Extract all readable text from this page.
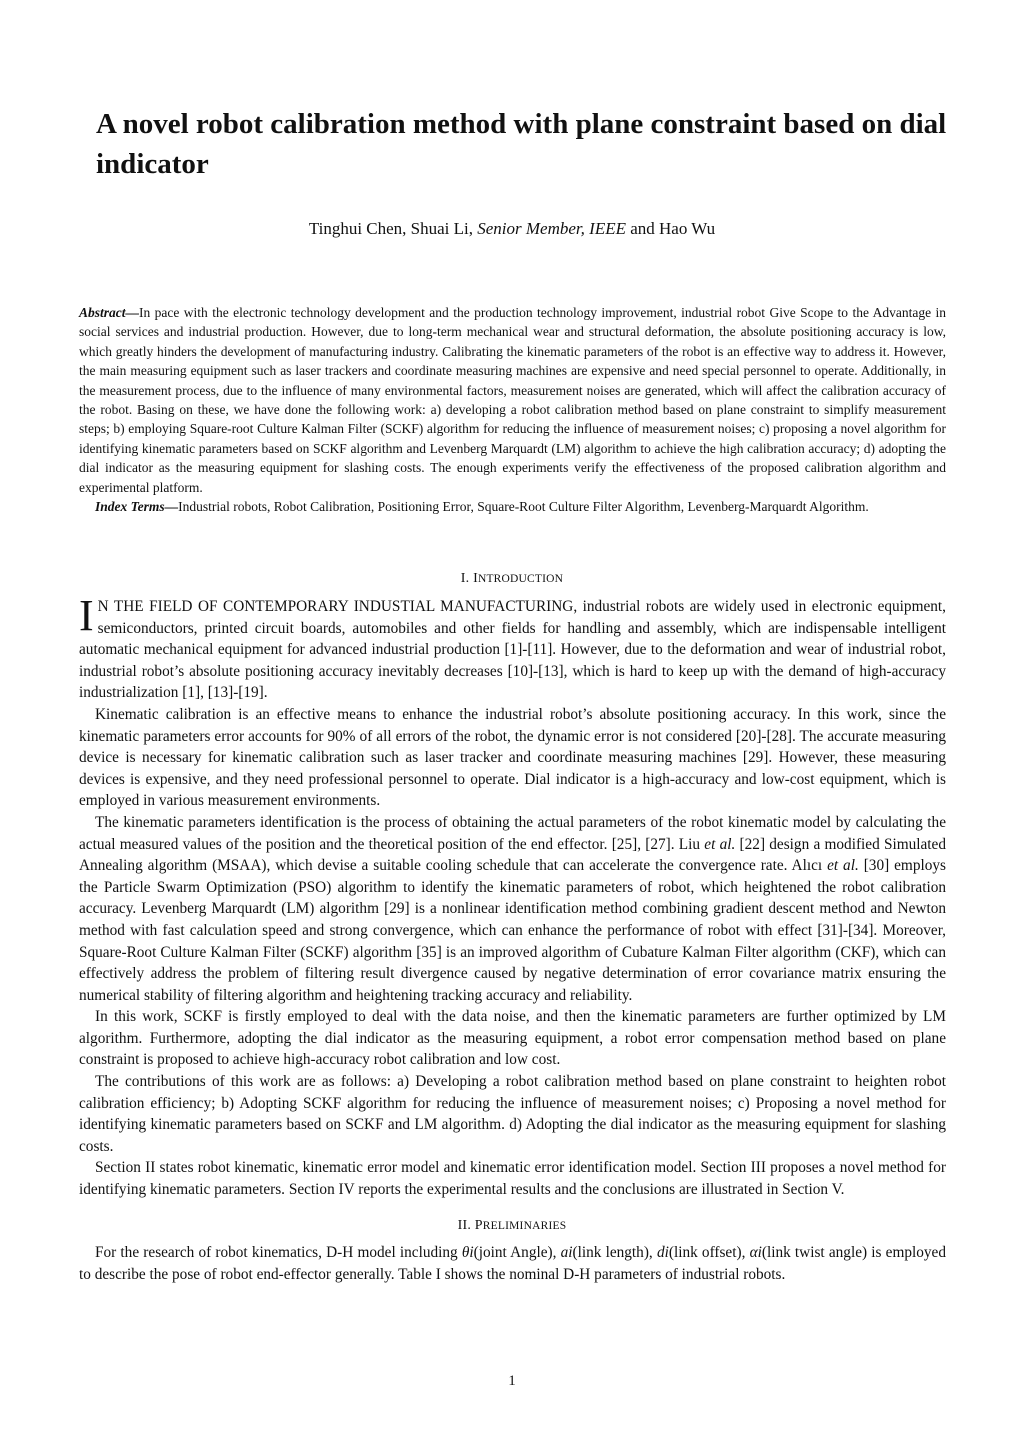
A novel robot calibration method with plane constraint based on dial indicator
Tinghui Chen, Shuai Li, Senior Member, IEEE and Hao Wu

Abstract—In pace with the electronic technology development and the production technology improvement, industrial robot Give Scope to the Advantage in social services and industrial production. However, due to long-term mechanical wear and structural deformation, the absolute positioning accuracy is low, which greatly hinders the development of manufacturing industry. Calibrating the kinematic parameters of the robot is an effective way to address it. However, the main measuring equipment such as laser trackers and coordinate measuring machines are expensive and need special personnel to operate. Additionally, in the measurement process, due to the influence of many environmental factors, measurement noises are generated, which will affect the calibration accuracy of the robot. Basing on these, we have done the following work: a) developing a robot calibration method based on plane constraint to simplify measurement steps; b) employing Square-root Culture Kalman Filter (SCKF) algorithm for reducing the influence of measurement noises; c) proposing a novel algorithm for identifying kinematic parameters based on SCKF algorithm and Levenberg Marquardt (LM) algorithm to achieve the high calibration accuracy; d) adopting the dial indicator as the measuring equipment for slashing costs. The enough experiments verify the effectiveness of the proposed calibration algorithm and experimental platform.

Index Terms—Industrial robots, Robot Calibration, Positioning Error, Square-Root Culture Filter Algorithm, Levenberg-Marquardt Algorithm.

I. INTRODUCTION

I N THE FIELD OF CONTEMPORARY INDUSTIAL MANUFACTURING, industrial robots are widely used in electronic equipment, semiconductors, printed circuit boards, automobiles and other fields for handling and assembly, which are indispensable intelligent automatic mechanical equipment for advanced industrial production [1]-[11]. However, due to the deformation and wear of industrial robot, industrial robot’s absolute positioning accuracy inevitably decreases [10]-[13], which is hard to keep up with the demand of high-accuracy industrialization [1], [13]-[19].

Kinematic calibration is an effective means to enhance the industrial robot’s absolute positioning accuracy. In this work, since the kinematic parameters error accounts for 90% of all errors of the robot, the dynamic error is not considered [20]-[28]. The accurate measuring device is necessary for kinematic calibration such as laser tracker and coordinate measuring machines [29]. However, these measuring devices is expensive, and they need professional personnel to operate. Dial indicator is a high-accuracy and low-cost equipment, which is employed in various measurement environments.

The kinematic parameters identification is the process of obtaining the actual parameters of the robot kinematic model by calculating the actual measured values of the position and the theoretical position of the end effector. [25], [27]. Liu et al. [22] design a modified Simulated Annealing algorithm (MSAA), which devise a suitable cooling schedule that can accelerate the convergence rate. Alıcı et al. [30] employs the Particle Swarm Optimization (PSO) algorithm to identify the kinematic parameters of robot, which heightened the robot calibration accuracy. Levenberg Marquardt (LM) algorithm [29] is a nonlinear identification method combining gradient descent method and Newton method with fast calculation speed and strong convergence, which can enhance the performance of robot with effect [31]-[34]. Moreover, Square-Root Culture Kalman Filter (SCKF) algorithm [35] is an improved algorithm of Cubature Kalman Filter algorithm (CKF), which can effectively address the problem of filtering result divergence caused by negative determination of error covariance matrix ensuring the numerical stability of filtering algorithm and heightening tracking accuracy and reliability.

In this work, SCKF is firstly employed to deal with the data noise, and then the kinematic parameters are further optimized by LM algorithm. Furthermore, adopting the dial indicator as the measuring equipment, a robot error compensation method based on plane constraint is proposed to achieve high-accuracy robot calibration and low cost.

The contributions of this work are as follows: a) Developing a robot calibration method based on plane constraint to heighten robot calibration efficiency; b) Adopting SCKF algorithm for reducing the influence of measurement noises; c) Proposing a novel method for identifying kinematic parameters based on SCKF and LM algorithm. d) Adopting the dial indicator as the measuring equipment for slashing costs.

Section II states robot kinematic, kinematic error model and kinematic error identification model. Section III proposes a novel method for identifying kinematic parameters. Section IV reports the experimental results and the conclusions are illustrated in Section V.

II. PRELIMINARIES

For the research of robot kinematics, D-H model including θi(joint Angle), ai(link length), di(link offset), αi(link twist angle) is employed to describe the pose of robot end-effector generally. Table I shows the nominal D-H parameters of industrial robots.

1
